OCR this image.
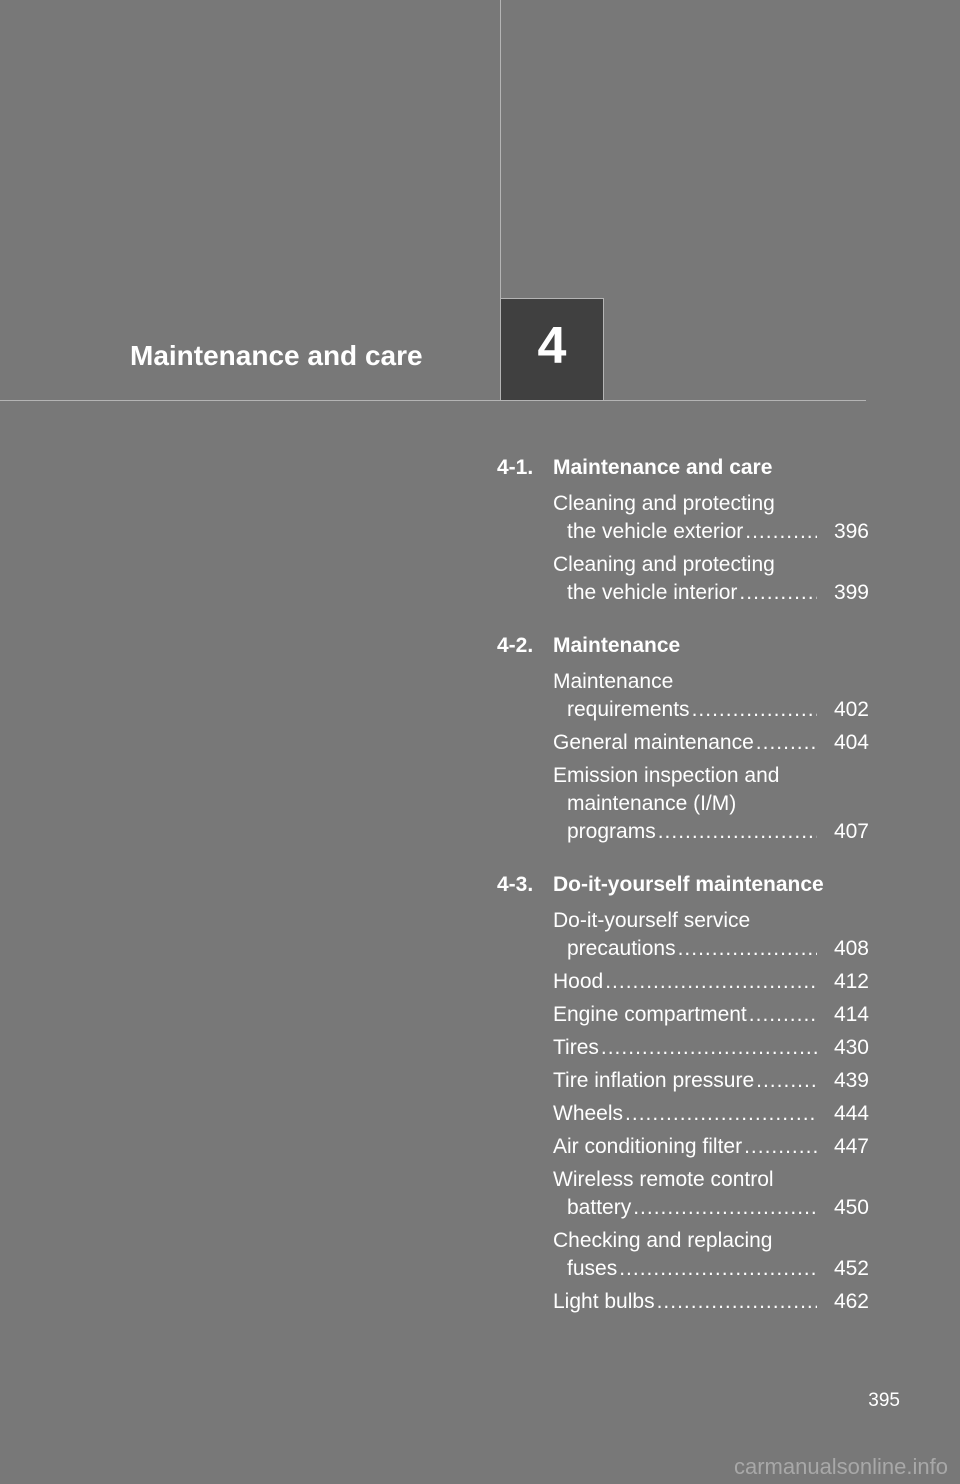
Maintenance and care 4
4-1. Maintenance and care
Cleaning and protecting
the vehicle exterior .....	396
Cleaning and protecting
the vehicle interior .....	399
4-2. Maintenance
Maintenance
requirements .....	402
General maintenance .....	404
Emission inspection and
maintenance (I/M)
programs .....	407
4-3. Do-it-yourself maintenance
Do-it-yourself service
precautions .....	408
Hood .....	412
Engine compartment .....	414
Tires .....	430
Tire inflation pressure .....	439
Wheels .....	444
Air conditioning filter .....	447
Wireless remote control
battery .....	450
Checking and replacing
fuses .....	452
Light bulbs .....	462
395
carmanualsonline.info
